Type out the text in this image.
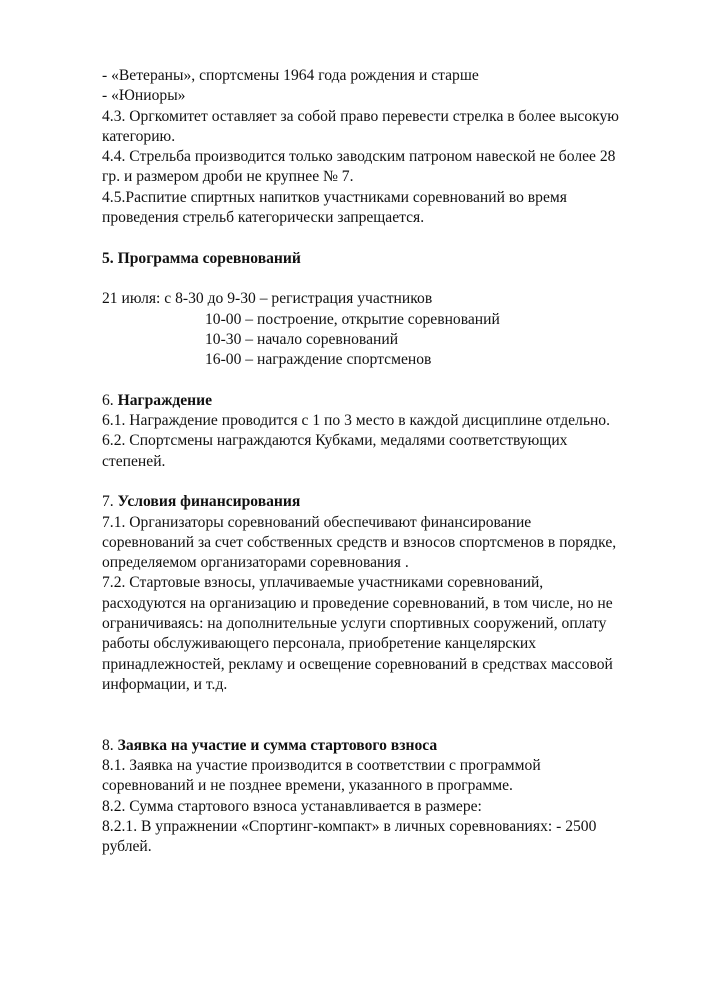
- «Ветераны», спортсмены 1964 года рождения и старше

- «Юниоры»

4.3. Оргкомитет оставляет за собой право перевести стрелка в более высокую

категорию.

4.4. Стрельба производится только заводским патроном навеской не более 28

гр. и размером дроби не крупнее № 7.

4.5.Распитие спиртных напитков участниками соревнований во время

проведения стрельб категорически запрещается.

5. Программа соревнований

21 июля: с 8-30 до 9-30 – регистрация участников

10-00 – построение, открытие соревнований

10-30 – начало соревнований

16-00 – награждение спортсменов

6. Награждение

6.1. Награждение проводится с 1 по 3 место в каждой дисциплине отдельно.

6.2. Спортсмены награждаются Кубками, медалями соответствующих

степеней.

7. Условия финансирования

7.1. Организаторы соревнований обеспечивают финансирование

соревнований за счет собственных средств и взносов спортсменов в порядке,

определяемом организаторами соревнования .

7.2. Стартовые взносы, уплачиваемые участниками соревнований,

расходуются на организацию и проведение соревнований, в том числе, но не

ограничиваясь: на дополнительные услуги спортивных сооружений, оплату

работы обслуживающего персонала, приобретение канцелярских

принадлежностей, рекламу и освещение соревнований в средствах массовой

информации, и т.д.

8. Заявка на участие и сумма стартового взноса

8.1. Заявка на участие производится в соответствии с программой

соревнований и не позднее времени, указанного в программе.

8.2. Сумма стартового взноса устанавливается в размере:

8.2.1. В упражнении «Спортинг-компакт» в личных соревнованиях: - 2500

рублей.
